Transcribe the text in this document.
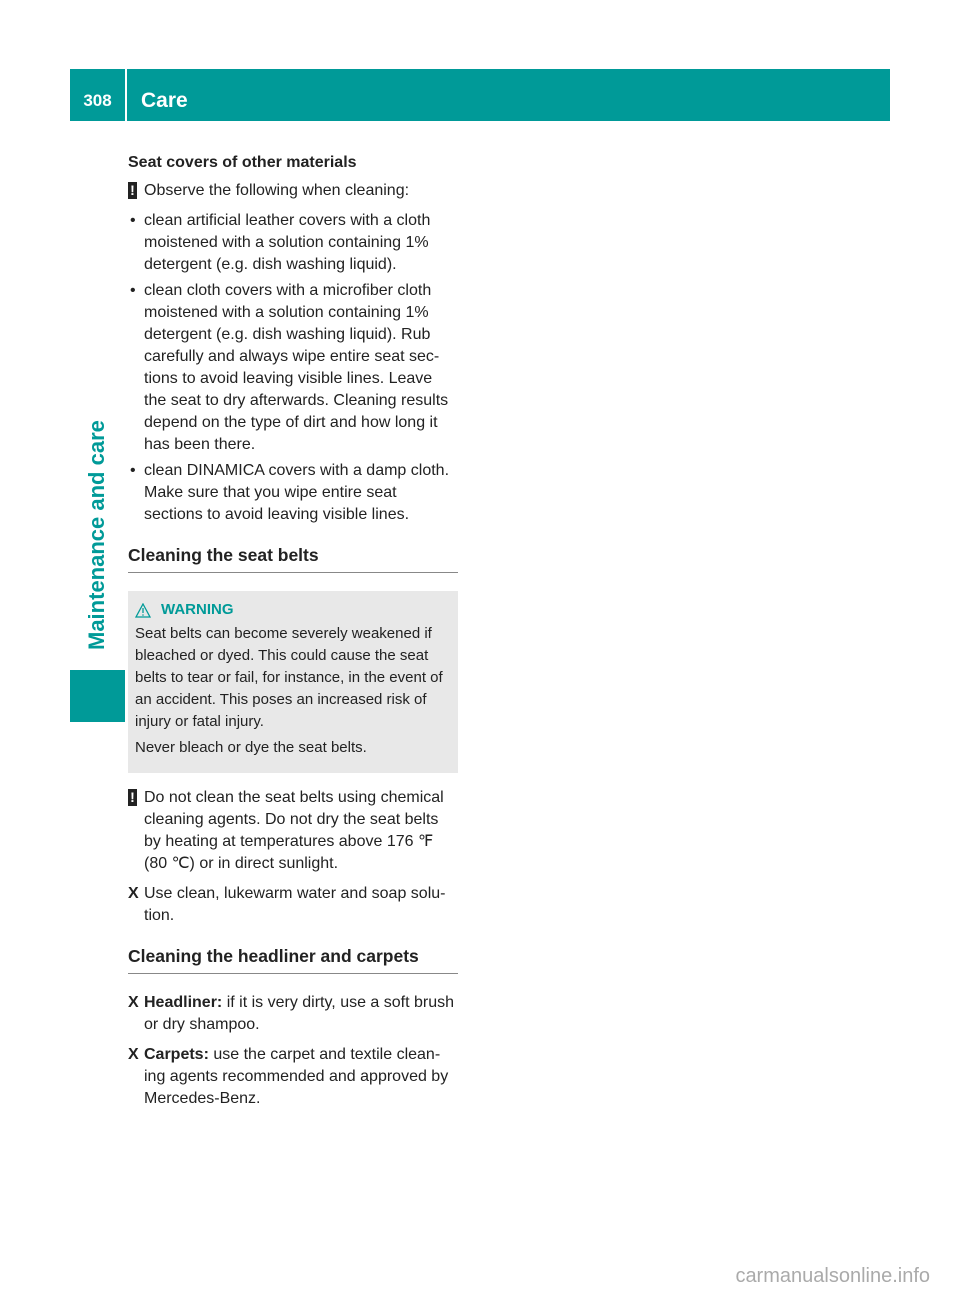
308	Care
Maintenance and care
Seat covers of other materials
! Observe the following when cleaning:
• clean artificial leather covers with a cloth moistened with a solution containing 1% detergent (e.g. dish washing liquid).
• clean cloth covers with a microfiber cloth moistened with a solution containing 1% detergent (e.g. dish washing liquid). Rub carefully and always wipe entire seat sec-tions to avoid leaving visible lines. Leave the seat to dry afterwards. Cleaning results depend on the type of dirt and how long it has been there.
• clean DINAMICA covers with a damp cloth. Make sure that you wipe entire seat sections to avoid leaving visible lines.
Cleaning the seat belts
WARNING

Seat belts can become severely weakened if bleached or dyed. This could cause the seat belts to tear or fail, for instance, in the event of an accident. This poses an increased risk of injury or fatal injury.

Never bleach or dye the seat belts.

! Do not clean the seat belts using chemical cleaning agents. Do not dry the seat belts by heating at temperatures above 176 ℉ (80 ℃) or in direct sunlight.
X Use clean, lukewarm water and soap solu-tion.
Cleaning the headliner and carpets
X Headliner: if it is very dirty, use a soft brush or dry shampoo.
X Carpets: use the carpet and textile clean-ing agents recommended and approved by Mercedes-Benz.
carmanualsonline.info
